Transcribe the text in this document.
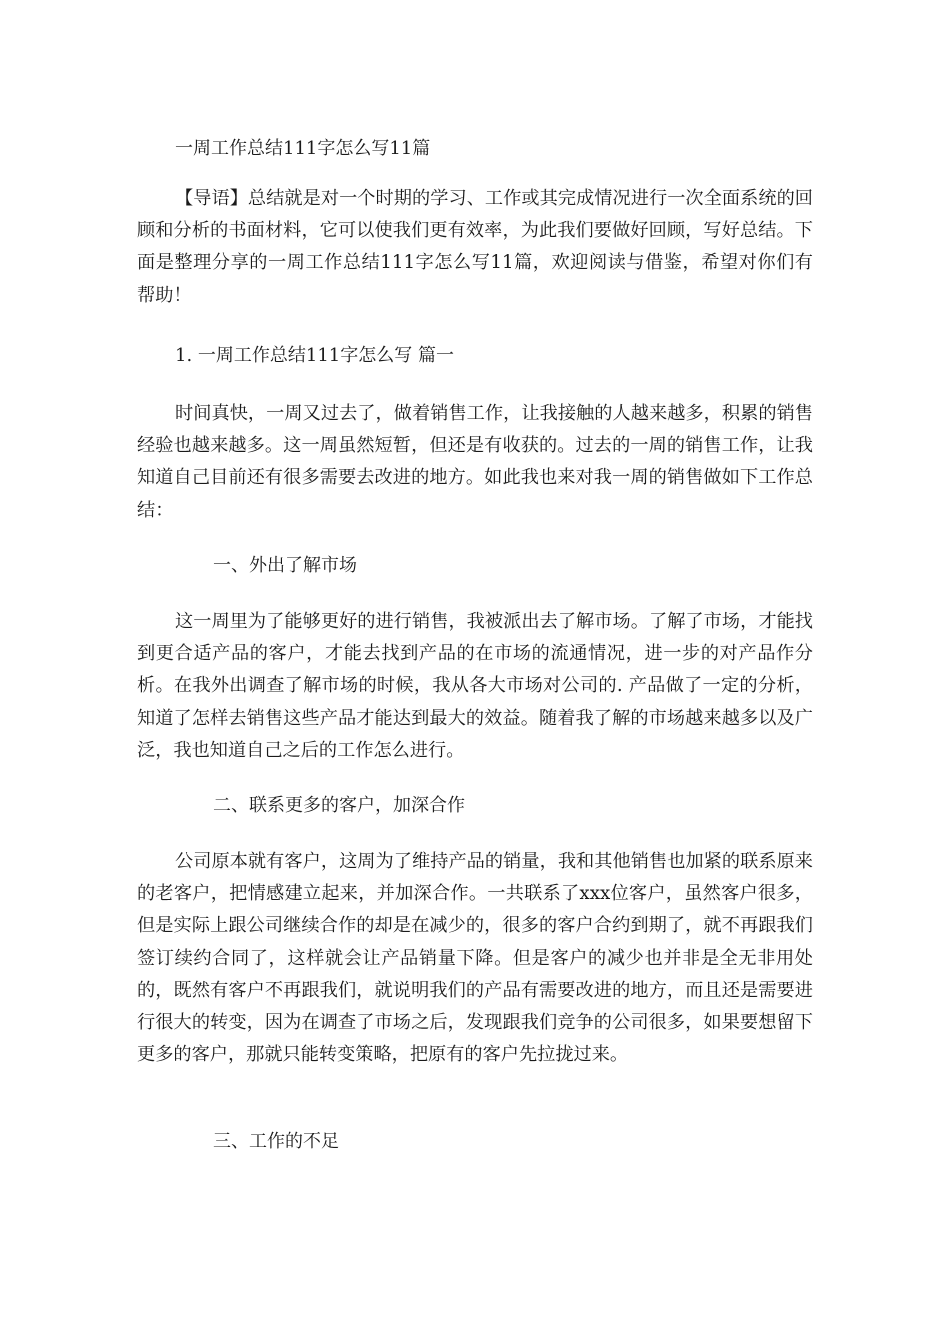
一周工作总结111字怎么写11篇

【导语】总结就是对一个时期的学习、工作或其完成情况进行一次全面系统的回顾和分析的书面材料，它可以使我们更有效率，为此我们要做好回顾，写好总结。下面是整理分享的一周工作总结111字怎么写11篇，欢迎阅读与借鉴，希望对你们有帮助！

1. 一周工作总结111字怎么写 篇一

时间真快，一周又过去了，做着销售工作，让我接触的人越来越多，积累的销售经验也越来越多。这一周虽然短暂，但还是有收获的。过去的一周的销售工作，让我知道自己目前还有很多需要去改进的地方。如此我也来对我一周的销售做如下工作总结：

一、外出了解市场

这一周里为了能够更好的进行销售，我被派出去了解市场。了解了市场，才能找到更合适产品的客户，才能去找到产品的在市场的流通情况，进一步的对产品作分析。在我外出调查了解市场的时候，我从各大市场对公司的. 产品做了一定的分析，知道了怎样去销售这些产品才能达到最大的效益。随着我了解的市场越来越多以及广泛，我也知道自己之后的工作怎么进行。

二、联系更多的客户，加深合作

公司原本就有客户，这周为了维持产品的销量，我和其他销售也加紧的联系原来的老客户，把情感建立起来，并加深合作。一共联系了xxx位客户，虽然客户很多，但是实际上跟公司继续合作的却是在减少的，很多的客户合约到期了，就不再跟我们签订续约合同了，这样就会让产品销量下降。但是客户的减少也并非是全无非用处的，既然有客户不再跟我们，就说明我们的产品有需要改进的地方，而且还是需要进行很大的转变，因为在调查了市场之后，发现跟我们竞争的公司很多，如果要想留下更多的客户，那就只能转变策略，把原有的客户先拉拢过来。

三、工作的不足
